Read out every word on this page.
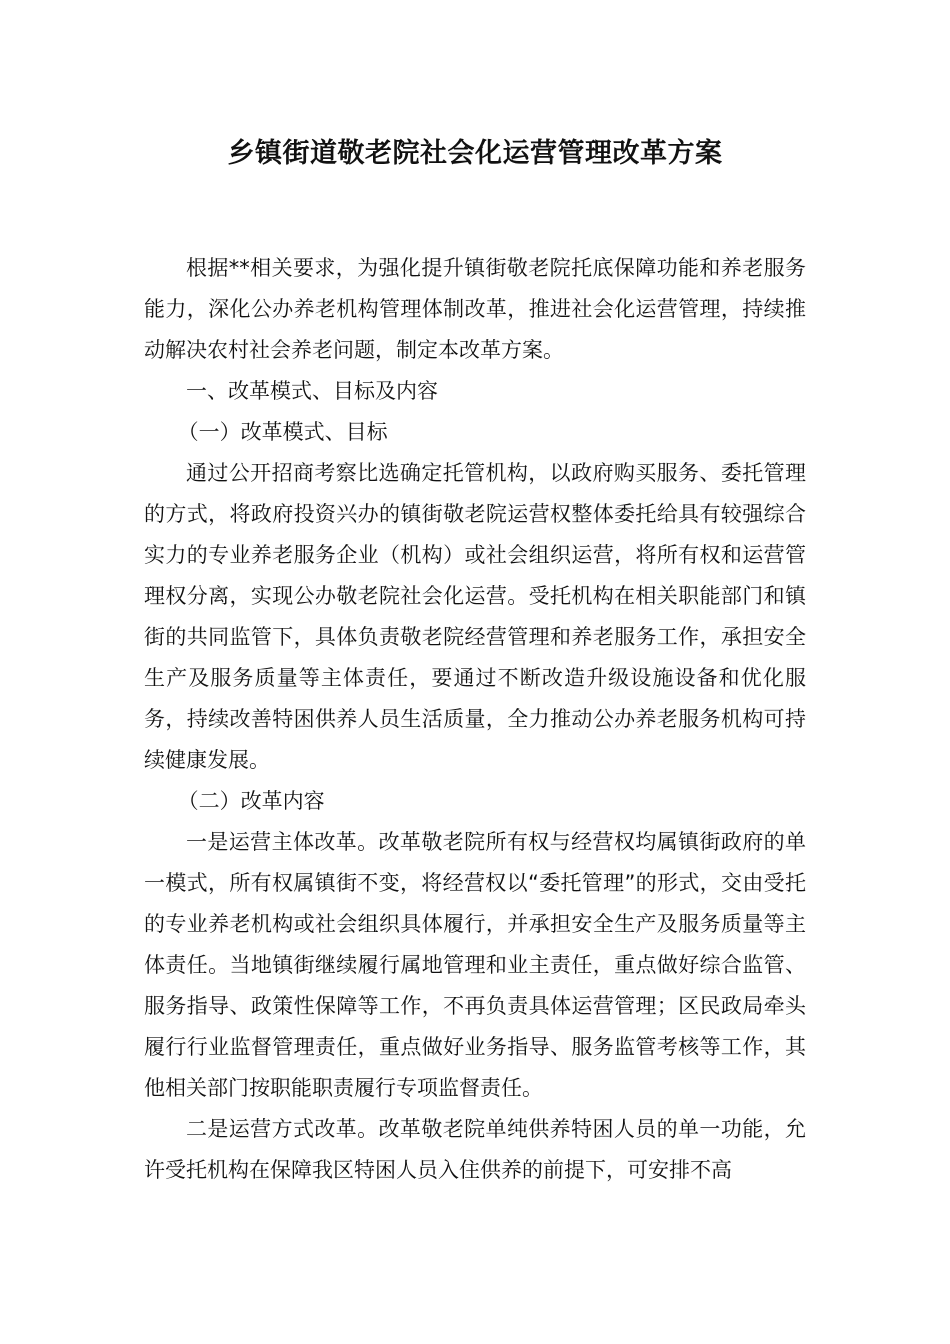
乡镇街道敬老院社会化运营管理改革方案

根据**相关要求，为强化提升镇街敬老院托底保障功能和养老服务能力，深化公办养老机构管理体制改革，推进社会化运营管理，持续推动解决农村社会养老问题，制定本改革方案。

一、改革模式、目标及内容

（一）改革模式、目标

通过公开招商考察比选确定托管机构，以政府购买服务、委托管理的方式，将政府投资兴办的镇街敬老院运营权整体委托给具有较强综合实力的专业养老服务企业（机构）或社会组织运营，将所有权和运营管理权分离，实现公办敬老院社会化运营。受托机构在相关职能部门和镇街的共同监管下，具体负责敬老院经营管理和养老服务工作，承担安全生产及服务质量等主体责任，要通过不断改造升级设施设备和优化服务，持续改善特困供养人员生活质量，全力推动公办养老服务机构可持续健康发展。

（二）改革内容

一是运营主体改革。改革敬老院所有权与经营权均属镇街政府的单一模式，所有权属镇街不变，将经营权以“委托管理”的形式，交由受托的专业养老机构或社会组织具体履行，并承担安全生产及服务质量等主体责任。当地镇街继续履行属地管理和业主责任，重点做好综合监管、服务指导、政策性保障等工作，不再负责具体运营管理；区民政局牵头履行行业监督管理责任，重点做好业务指导、服务监管考核等工作，其他相关部门按职能职责履行专项监督责任。

二是运营方式改革。改革敬老院单纯供养特困人员的单一功能，允许受托机构在保障我区特困人员入住供养的前提下，可安排不高
